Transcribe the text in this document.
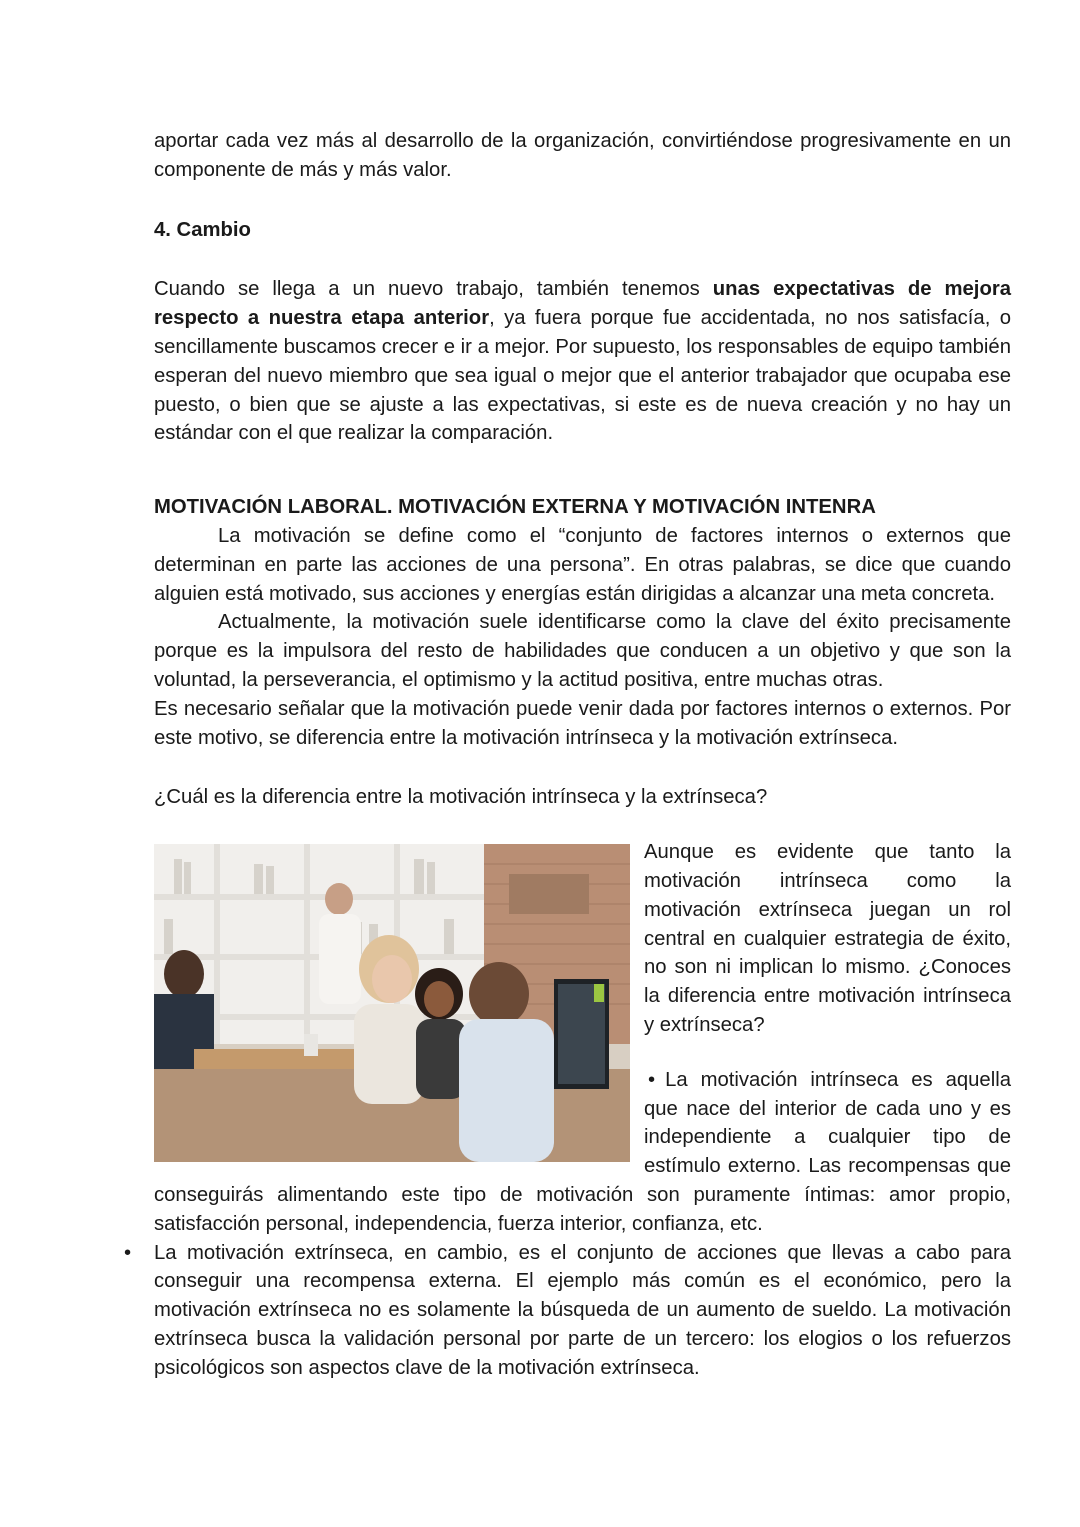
aportar cada vez más al desarrollo de la organización, convirtiéndose progresivamente en un componente de más y más valor.

4. Cambio

Cuando se llega a un nuevo trabajo, también tenemos unas expectativas de mejora respecto a nuestra etapa anterior, ya fuera porque fue accidentada, no nos satisfacía, o sencillamente buscamos crecer e ir a mejor. Por supuesto, los responsables de equipo también esperan del nuevo miembro que sea igual o mejor que el anterior trabajador que ocupaba ese puesto, o bien que se ajuste a las expectativas, si este es de nueva creación y no hay un estándar con el que realizar la comparación.

MOTIVACIÓN LABORAL. MOTIVACIÓN EXTERNA Y MOTIVACIÓN INTENRA

La motivación se define como el “conjunto de factores internos o externos que determinan en parte las acciones de una persona”. En otras palabras, se dice que cuando alguien está motivado, sus acciones y energías están dirigidas a alcanzar una meta concreta.

Actualmente, la motivación suele identificarse como la clave del éxito precisamente porque es la impulsora del resto de habilidades que conducen a un objetivo y que son la voluntad, la perseverancia, el optimismo y la actitud positiva, entre muchas otras.

Es necesario señalar que la motivación puede venir dada por factores internos o externos. Por este motivo, se diferencia entre la motivación intrínseca y la motivación extrínseca.

¿Cuál es la diferencia entre la motivación intrínseca y la extrínseca?

Aunque es evidente que tanto la motivación intrínseca como la motivación extrínseca juegan un rol central en cualquier estrategia de éxito, no son ni implican lo mismo. ¿Conoces la diferencia entre motivación intrínseca y extrínseca?

• La motivación intrínseca es aquella que nace del interior de cada uno y es independiente a cualquier tipo de estímulo externo. Las recompensas que conseguirás alimentando este tipo de motivación son puramente íntimas: amor propio, satisfacción personal, independencia, fuerza interior, confianza, etc.

• La motivación extrínseca, en cambio, es el conjunto de acciones que llevas a cabo para conseguir una recompensa externa. El ejemplo más común es el económico, pero la motivación extrínseca no es solamente la búsqueda de un aumento de sueldo. La motivación extrínseca busca la validación personal por parte de un tercero: los elogios o los refuerzos psicológicos son aspectos clave de la motivación extrínseca.
